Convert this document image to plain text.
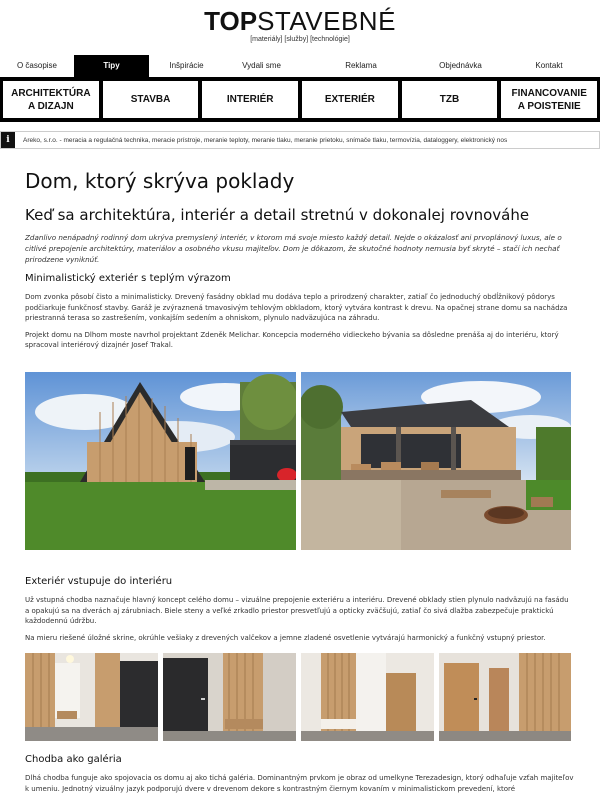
TOPSTAVEBNÉ
[materiály] [služby] [technológie]
O časopise	Tipy	Inšpirácie	Vydali sme	Reklama	Objednávka	Kontakt
ARCHITEKTÚRA
A DIZAJN
STAVBA	INTERIÉR	EXTERIÉR	TZB
FINANCOVANIE
A POISTENIE
i	Areko, s.r.o. - meracia a regulačná technika, meracie prístroje, meranie teploty, meranie tlaku, meranie prietoku, snímače tlaku, termovízia, dataloggery, elektronický nos
Dom, ktorý skrýva poklady
Keď sa architektúra, interiér a detail stretnú v dokonalej rovnováhe
Zdanlivo nenápadný rodinný dom ukrýva premyslený interiér, v ktorom má svoje miesto každý detail. Nejde o okázalosť ani prvoplánový luxus, ale o citlivé prepojenie architektúry, materiálov a osobného vkusu majiteľov. Dom je dôkazom, že skutočné hodnoty nemusia byť skryté – stačí ich nechať prirodzene vyniknúť.
Minimalistický exteriér s teplým výrazom

Dom zvonka pôsobí čisto a minimalisticky. Drevený fasádny obklad mu dodáva teplo a prirodzený charakter, zatiaľ čo jednoduchý obdĺžnikový pôdorys podčiarkuje funkčnosť stavby. Garáž je zvýraznená tmavosivým tehlovým obkladom, ktorý vytvára kontrast k drevu. Na opačnej strane domu sa nachádza priestranná terasa so zastrešením, vonkajším sedením a ohniskom, plynulo nadväzujúca na záhradu.

Projekt domu na Dlhom moste navrhol projektant Zdeněk Melichar. Koncepcia moderného vidieckeho bývania sa dôsledne prenáša aj do interiéru, ktorý spracoval interiérový dizajnér Josef Trakal.

Exteriér vstupuje do interiéru

Už vstupná chodba naznačuje hlavný koncept celého domu – vizuálne prepojenie exteriéru a interiéru. Drevené obklady stien plynulo nadväzujú na fasádu a opakujú sa na dverách aj zárubniach. Biele steny a veľké zrkadlo priestor presvetľujú a opticky zväčšujú, zatiaľ čo sivá dlažba zabezpečuje praktickú každodennú údržbu.

Na mieru riešené úložné skrine, okrúhle vešiaky z drevených valčekov a jemne zladené osvetlenie vytvárajú harmonický a funkčný vstupný priestor.

Chodba ako galéria

Dlhá chodba funguje ako spojovacia os domu aj ako tichá galéria. Dominantným prvkom je obraz od umelkyne Terezadesign, ktorý odhaľuje vzťah majiteľov k umeniu. Jednotný vizuálny jazyk podporujú dvere v drevenom dekore s kontrastným čiernym kovaním v minimalistickom prevedení, ktoré
